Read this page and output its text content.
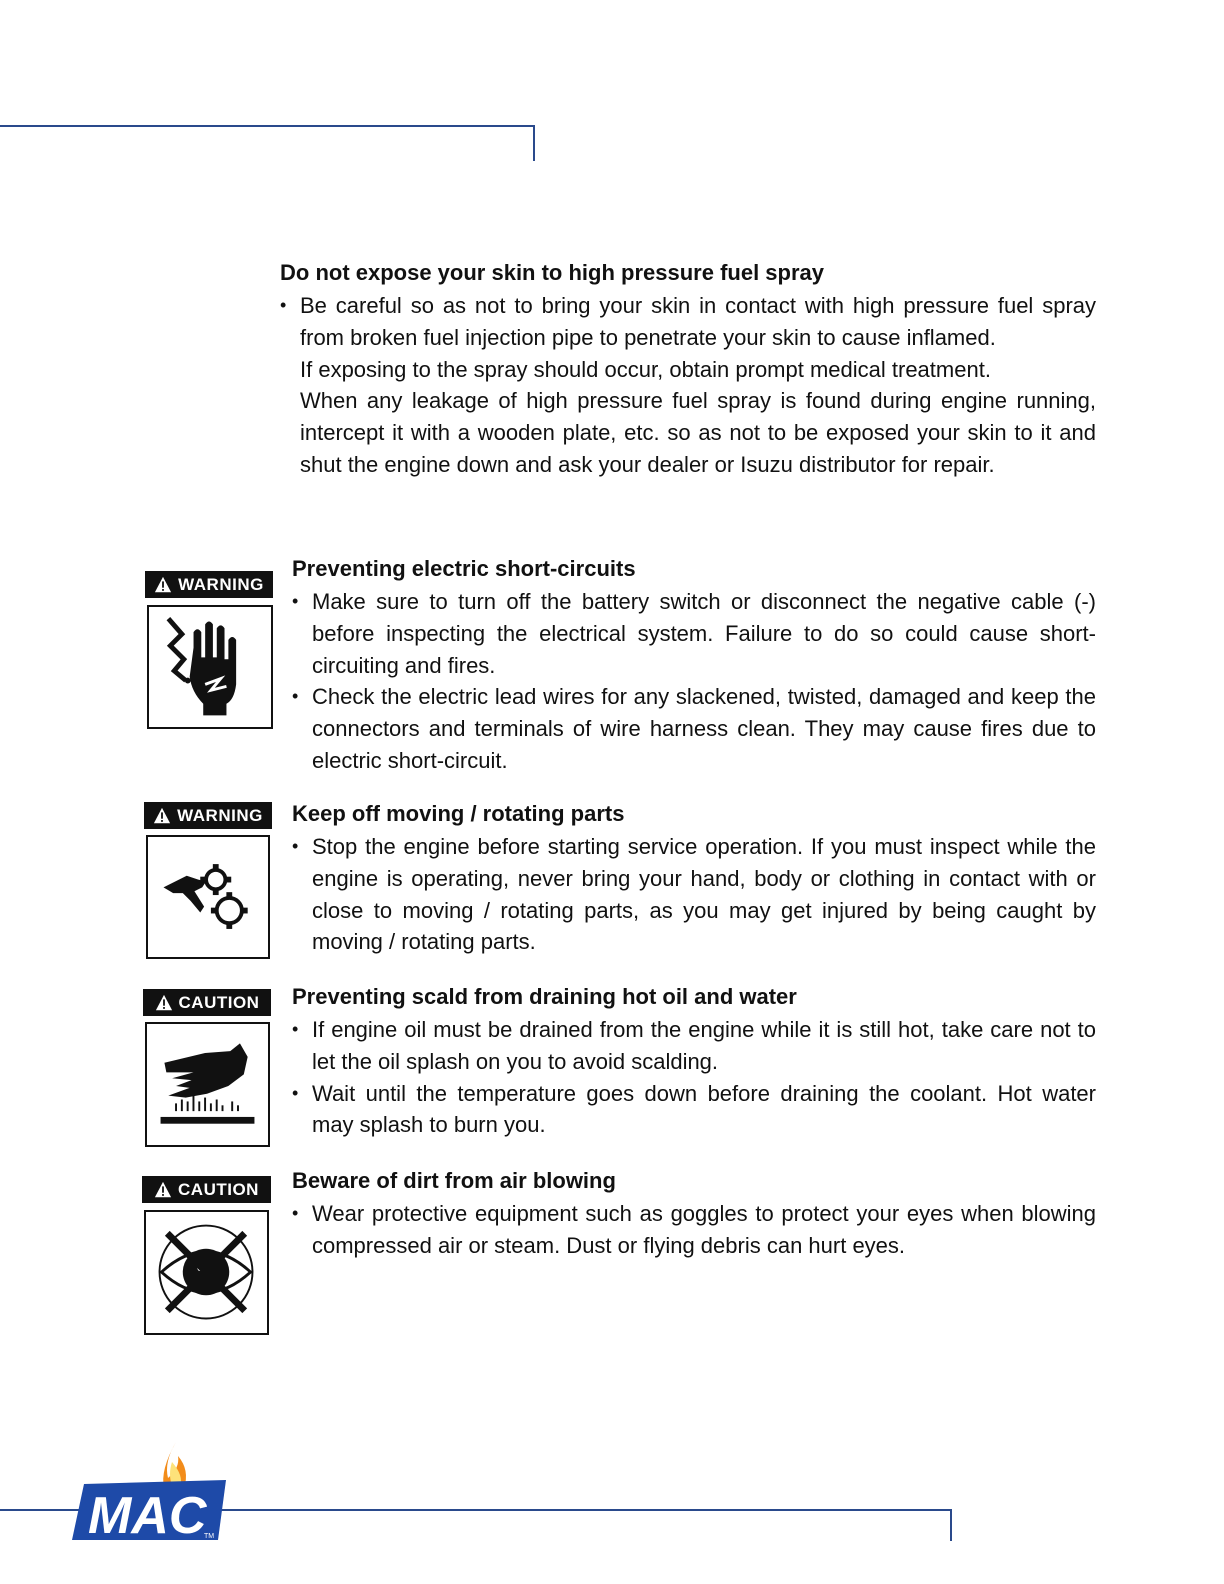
Do not expose your skin to high pressure fuel spray
• Be careful so as not to bring your skin in contact with high pressure fuel spray from broken fuel injection pipe to penetrate your skin to cause inflamed.

If exposing to the spray should occur, obtain prompt medical treatment.

When any leakage of high pressure fuel spray is found during engine running, intercept it with a wooden plate, etc. so as not to be exposed your skin to it and shut the engine down and ask your dealer or Isuzu distributor for repair.

WARNING
Preventing electric short-circuits
• Make sure to turn off the battery switch or disconnect the negative cable (-) before inspecting the electrical system. Failure to do so could cause short-circuiting and fires.
• Check the electric lead wires for any slackened, twisted, damaged and keep the connectors and terminals of wire harness clean. They may cause fires due to electric short-circuit.
WARNING Keep off moving / rotating parts
• Stop the engine before starting service operation. If you must inspect while the engine is operating, never bring your hand, body or clothing in contact with or close to moving / rotating parts, as you may get injured by being caught by moving / rotating parts.
CAUTION Preventing scald from draining hot oil and water
• If engine oil must be drained from the engine while it is still hot, take care not to let the oil splash on you to avoid scalding.
• Wait until the temperature goes down before draining the coolant. Hot water may splash to burn you.
CAUTION Beware of dirt from air blowing
• Wear protective equipment such as goggles to protect your eyes when blowing compressed air or steam. Dust or flying debris can hurt eyes.
MAC
TM
